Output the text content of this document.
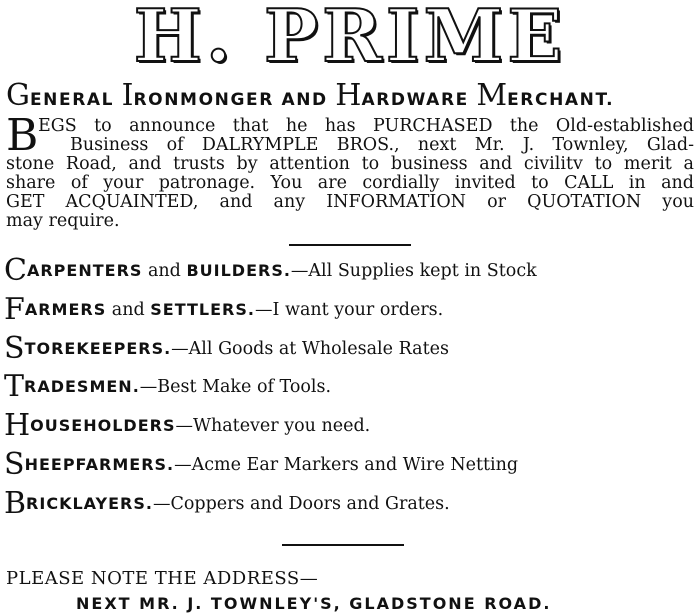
H. PRIME
GENERAL IRONMONGER AND HARDWARE MERCHANT.
B EGS to announce that he has PURCHASED the Old-established
Business of DALRYMPLE BROS., next Mr. J. Townley, Glad-
stone Road, and trusts by attention to business and civilitv to merit a
share of your patronage. You are cordially invited to CALL in and
GET ACQUAINTED, and any INFORMATION or QUOTATION you
may require.
CARPENTERS and BUILDERS.—All Supplies kept in Stock
FARMERS and SETTLERS.—I want your orders.
STOREKEEPERS.—All Goods at Wholesale Rates
TRADESMEN.—Best Make of Tools.
HOUSEHOLDERS—Whatever you need.
SHEEPFARMERS.—Acme Ear Markers and Wire Netting
BRICKLAYERS.—Coppers and Doors and Grates.
PLEASE NOTE THE ADDRESS—
NEXT MR. J. TOWNLEY'S, GLADSTONE ROAD.
